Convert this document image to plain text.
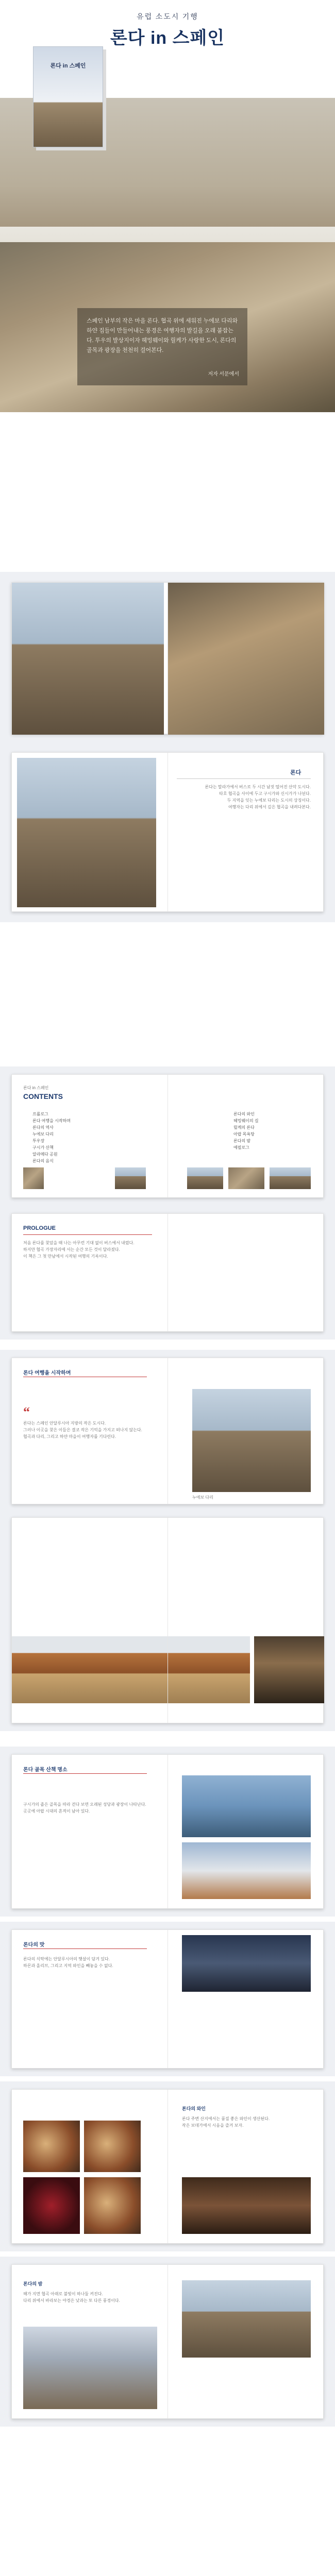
유럽 소도시 기행
론다 in 스페인
론다 in 스페인
스페인 남부의 작은 마을 론다. 협곡 위에 세워진 누에보 다리와 하얀 집들이 만들어내는 풍경은 여행자의 발길을 오래 붙잡는다. 투우의 발상지이자 헤밍웨이와 릴케가 사랑한 도시, 론다의 골목과 광장을 천천히 걸어본다.
저자 서문에서
론다
론다는 말라가에서 버스로 두 시간 남짓 떨어진 산악 도시다.
타호 협곡을 사이에 두고 구시가와 신시가가 나뉜다.
두 지역을 잇는 누에보 다리는 도시의 상징이다.
여행자는 다리 위에서 깊은 협곡을 내려다본다.
론다 in 스페인
CONTENTS
프롤로그
론다 여행을 시작하며
론다의 역사
누에보 다리
투우장
구시가 산책
알라메다 공원
론다의 음식
론다의 와인
헤밍웨이의 길
릴케의 론다
아랍 목욕탕
론다의 밤
에필로그
PROLOGUE
처음 론다를 찾았을 때 나는 아무런 기대 없이 버스에서 내렸다.
하지만 협곡 가장자리에 서는 순간 모든 것이 달라졌다.
이 책은 그 첫 만남에서 시작된 여행의 기록이다.
론다 여행을 시작하며
“
론다는 스페인 안달루시아 지방의 작은 도시다.
그러나 이곳을 찾은 이들은 결코 작은 기억을 가지고 떠나지 않는다.
협곡과 다리, 그리고 하얀 마을이 여행자를 기다린다.
누에보 다리
론다 골목 산책 명소
구시가의 좁은 골목을 따라 걷다 보면 오래된 성당과 광장이 나타난다.
곳곳에 아랍 시대의 흔적이 남아 있다.
론다의 맛
론다의 식탁에는 안달루시아의 햇살이 담겨 있다.
하몬과 올리브, 그리고 지역 와인을 빼놓을 수 없다.
론다의 와인
론다 주변 산지에서는 품질 좋은 와인이 생산된다.
작은 보데가에서 시음을 즐겨 보자.
론다의 밤
해가 지면 협곡 아래로 불빛이 하나둘 켜진다.
다리 위에서 바라보는 야경은 낮과는 또 다른 풍경이다.
